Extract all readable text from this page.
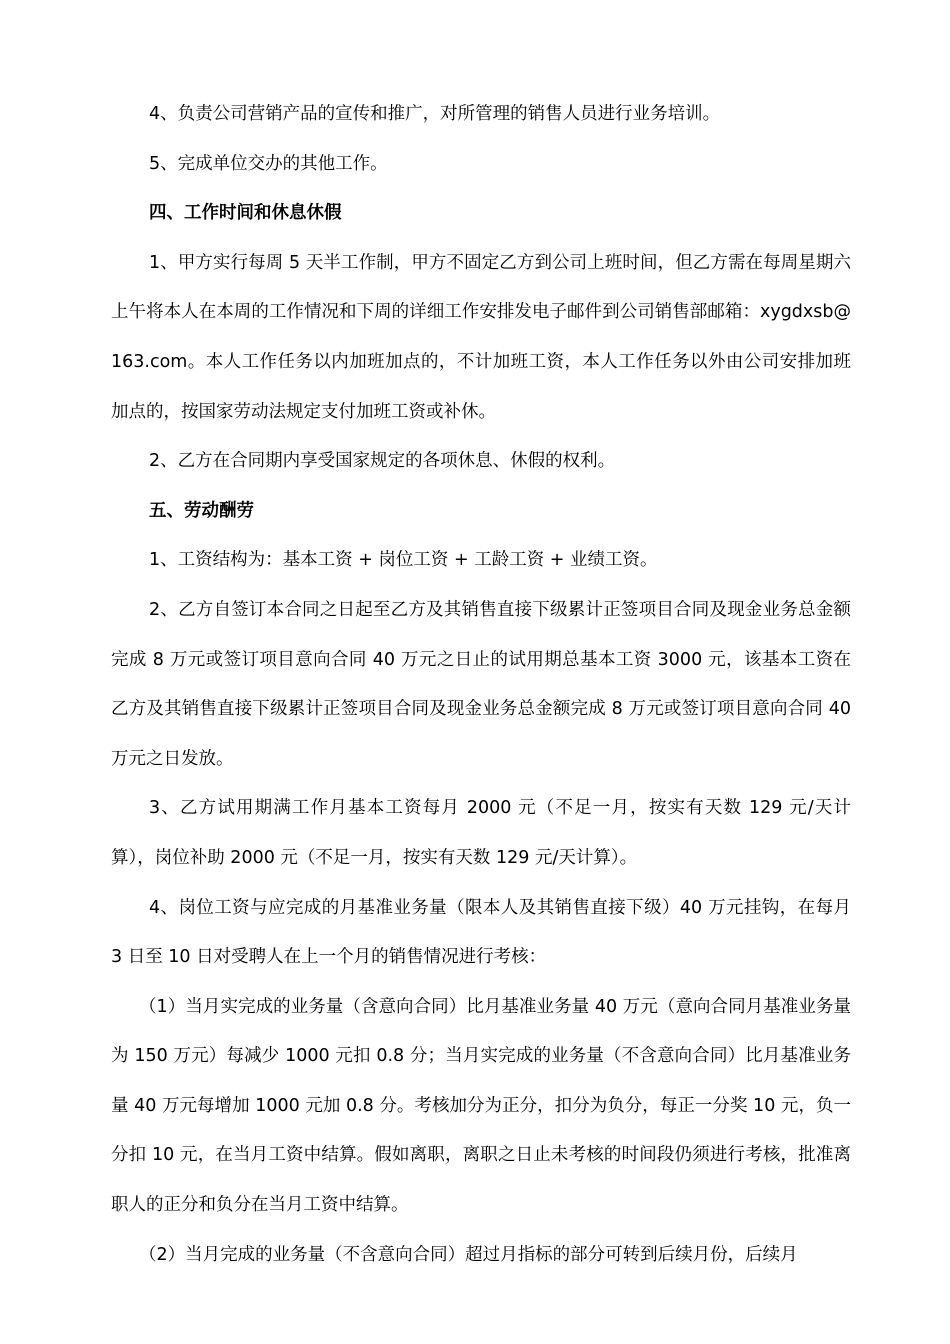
4、负责公司营销产品的宣传和推广，对所管理的销售人员进行业务培训。

5、完成单位交办的其他工作。

四、工作时间和休息休假

1、甲方实行每周 5 天半工作制，甲方不固定乙方到公司上班时间，但乙方需在每周星期六上午将本人在本周的工作情况和下周的详细工作安排发电子邮件到公司销售部邮箱：xygdxsb@163.com。本人工作任务以内加班加点的，不计加班工资，本人工作任务以外由公司安排加班加点的，按国家劳动法规定支付加班工资或补休。

2、乙方在合同期内享受国家规定的各项休息、休假的权利。

五、劳动酬劳

1、工资结构为：基本工资 + 岗位工资 + 工龄工资 + 业绩工资。

2、乙方自签订本合同之日起至乙方及其销售直接下级累计正签项目合同及现金业务总金额完成 8 万元或签订项目意向合同 40 万元之日止的试用期总基本工资 3000 元，该基本工资在乙方及其销售直接下级累计正签项目合同及现金业务总金额完成 8 万元或签订项目意向合同 40 万元之日发放。

3、乙方试用期满工作月基本工资每月 2000 元（不足一月，按实有天数 129 元/天计算），岗位补助 2000 元（不足一月，按实有天数 129 元/天计算）。

4、岗位工资与应完成的月基准业务量（限本人及其销售直接下级）40 万元挂钩，在每月 3 日至 10 日对受聘人在上一个月的销售情况进行考核：

（1）当月实完成的业务量（含意向合同）比月基准业务量 40 万元（意向合同月基准业务量为 150 万元）每减少 1000 元扣 0.8 分；当月实完成的业务量（不含意向合同）比月基准业务量 40 万元每增加 1000 元加 0.8 分。考核加分为正分，扣分为负分，每正一分奖 10 元，负一分扣 10 元，在当月工资中结算。假如离职，离职之日止未考核的时间段仍须进行考核，批准离职人的正分和负分在当月工资中结算。

（2）当月完成的业务量（不含意向合同）超过月指标的部分可转到后续月份，后续月
